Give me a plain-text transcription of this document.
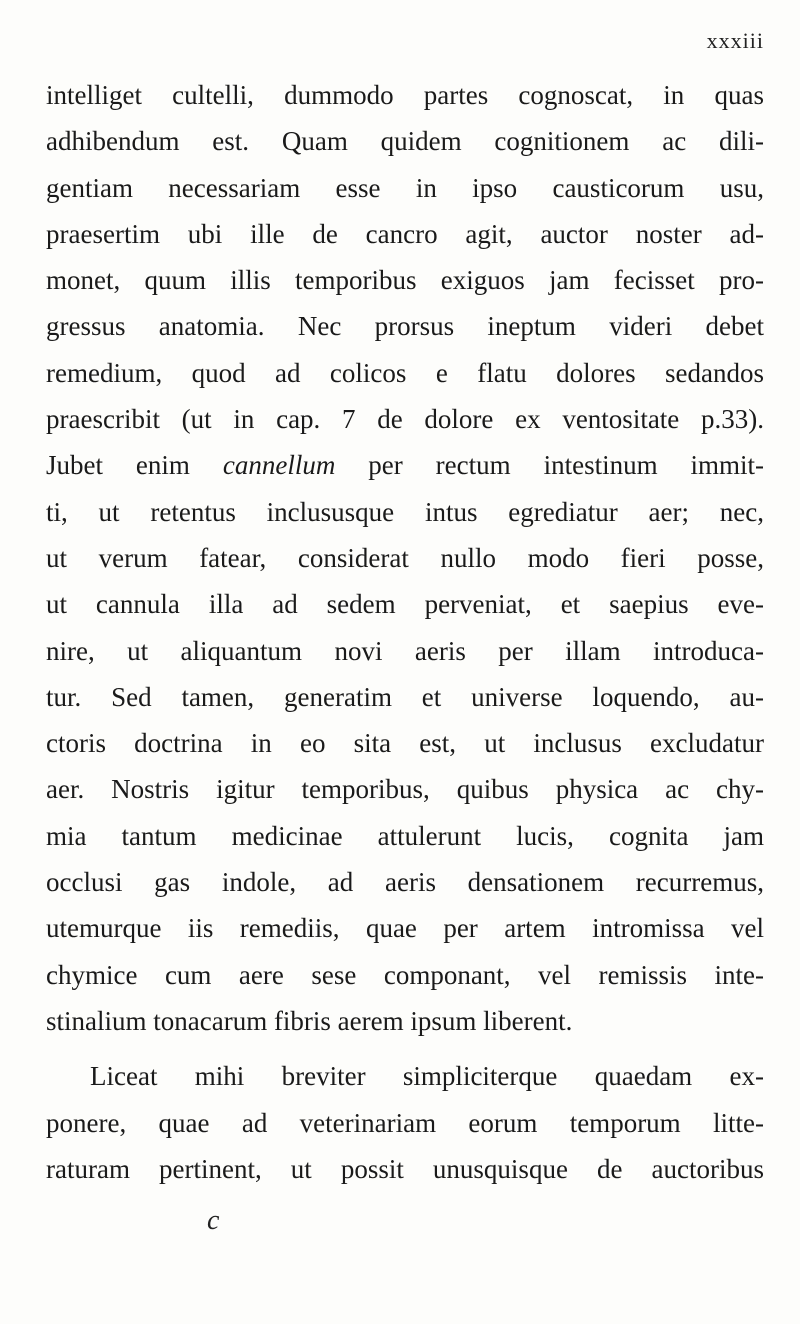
xxxiii
intelliget cultelli, dummodo partes cognoscat, in quas
adhibendum est. Quam quidem cognitionem ac dili-
gentiam necessariam esse in ipso causticorum usu,
praesertim ubi ille de cancro agit, auctor noster ad-
monet, quum illis temporibus exiguos jam fecisset pro-
gressus anatomia. Nec prorsus ineptum videri debet
remedium, quod ad colicos e flatu dolores sedandos
praescribit (ut in cap. 7 de dolore ex ventositate p.33).
Jubet enim cannellum per rectum intestinum immit-
ti, ut retentus inclususque intus egrediatur aer; nec,
ut verum fatear, considerat nullo modo fieri posse,
ut cannula illa ad sedem perveniat, et saepius eve-
nire, ut aliquantum novi aeris per illam introduca-
tur. Sed tamen, generatim et universe loquendo, au-
ctoris doctrina in eo sita est, ut inclusus excludatur
aer. Nostris igitur temporibus, quibus physica ac chy-
mia tantum medicinae attulerunt lucis, cognita jam
occlusi gas indole, ad aeris densationem recurremus,
utemurque iis remediis, quae per artem intromissa vel
chymice cum aere sese componant, vel remissis inte-
stinalium tonacarum fibris aerem ipsum liberent.
Liceat mihi breviter simpliciterque quaedam ex-
ponere, quae ad veterinariam eorum temporum litte-
raturam pertinent, ut possit unusquisque de auctoribus
c
